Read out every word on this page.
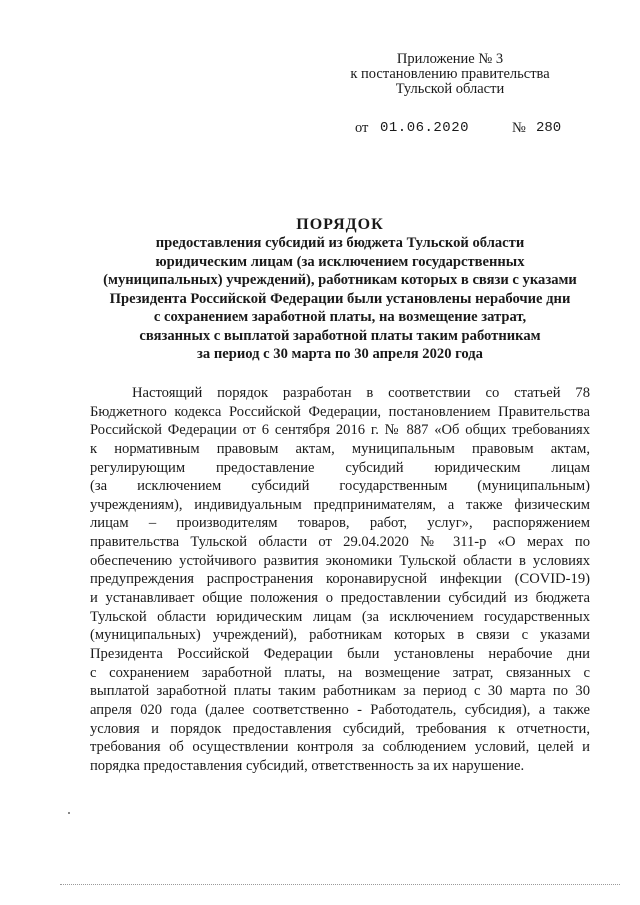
Приложение № 3
к постановлению правительства
Тульской области
от 01.06.2020	№ 280
ПОРЯДОК
предоставления субсидий из бюджета Тульской области
юридическим лицам (за исключением государственных
(муниципальных) учреждений), работникам которых в связи с указами
Президента Российской Федерации были установлены нерабочие дни
с сохранением заработной платы, на возмещение затрат,
связанных с выплатой заработной платы таким работникам
за период с 30 марта по 30 апреля 2020 года
Настоящий порядок разработан в соответствии со статьей 78
Бюджетного кодекса Российской Федерации, постановлением Правительства
Российской Федерации от 6 сентября 2016 г. № 887 «Об общих требованиях
к нормативным правовым актам, муниципальным правовым актам,
регулирующим предоставление субсидий юридическим лицам
(за исключением субсидий государственным (муниципальным)
учреждениям), индивидуальным предпринимателям, а также физическим
лицам – производителям товаров, работ, услуг», распоряжением
правительства Тульской области от 29.04.2020 № 311-р «О мерах по
обеспечению устойчивого развития экономики Тульской области в условиях
предупреждения распространения коронавирусной инфекции (COVID-19)
и устанавливает общие положения о предоставлении субсидий из бюджета
Тульской области юридическим лицам (за исключением государственных
(муниципальных) учреждений), работникам которых в связи с указами
Президента Российской Федерации были установлены нерабочие дни
с сохранением заработной платы, на возмещение затрат, связанных с
выплатой заработной платы таким работникам за период с 30 марта по 30
апреля 020 года (далее соответственно - Работодатель, субсидия), а также
условия и порядок предоставления субсидий, требования к отчетности,
требования об осуществлении контроля за соблюдением условий, целей и
порядка предоставления субсидий, ответственность за их нарушение.
